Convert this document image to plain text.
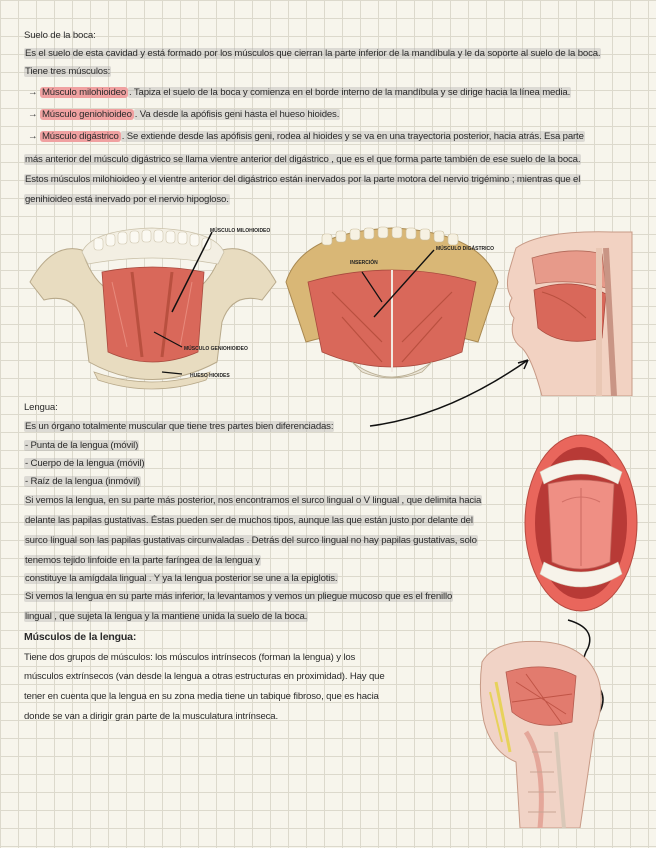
Suelo de la boca:
Es el suelo de esta cavidad y está formado por los músculos que cierran la parte inferior de la mandíbula y le da soporte al suelo de la boca.
Tiene tres músculos:
→ Músculo milohioideo . Tapiza el suelo de la boca y comienza en el borde interno de la mandíbula y se dirige hacia la línea media.
→ Músculo geniohioideo . Va desde la apófisis geni hasta el hueso hioides.
→ Músculo digástrico . Se extiende desde las apófisis geni, rodea al hioides y se va en una trayectoria posterior, hacia atrás. Esa parte
más anterior del músculo digástrico se llama vientre anterior del digástrico , que es el que forma parte también de ese suelo de la boca.
Estos músculos milohioideo y el vientre anterior del digástrico están inervados por la parte motora del nervio trigémino ; mientras que el
genihioideo está inervado por el nervio hipogloso.
MÚSCULO MILOHIOIDEO
MÚSCULO GENIOHIOIDEO
HUESO HIOIDES
INSERCIÓN
MÚSCULO DIGÁSTRICO
Lengua:
Es un órgano totalmente muscular que tiene tres partes bien diferenciadas:
- Punta de la lengua (móvil)
- Cuerpo de la lengua (móvil)
- Raíz de la lengua (inmóvil)
Si vemos la lengua, en su parte más posterior, nos encontramos el surco lingual o V lingual , que delimita hacia
delante las papilas gustativas. Éstas pueden ser de muchos tipos, aunque las que están justo por delante del
surco lingual son las papilas gustativas circunvaladas . Detrás del surco lingual no hay papilas gustativas, solo
tenemos tejido linfoide en la parte faríngea de la lengua y
constituye la amígdala lingual . Y ya la lengua posterior se une a la epiglotis.
Si vemos la lengua en su parte más inferior, la levantamos y vemos un pliegue mucoso que es el frenillo
lingual , que sujeta la lengua y la mantiene unida la suelo de la boca.
Músculos de la lengua:
Tiene dos grupos de músculos: los músculos intrínsecos (forman la lengua) y los
músculos extrínsecos (van desde la lengua a otras estructuras en proximidad). Hay que
tener en cuenta que la lengua en su zona media tiene un tabique fibroso, que es hacia
donde se van a dirigir gran parte de la musculatura intrínseca.
